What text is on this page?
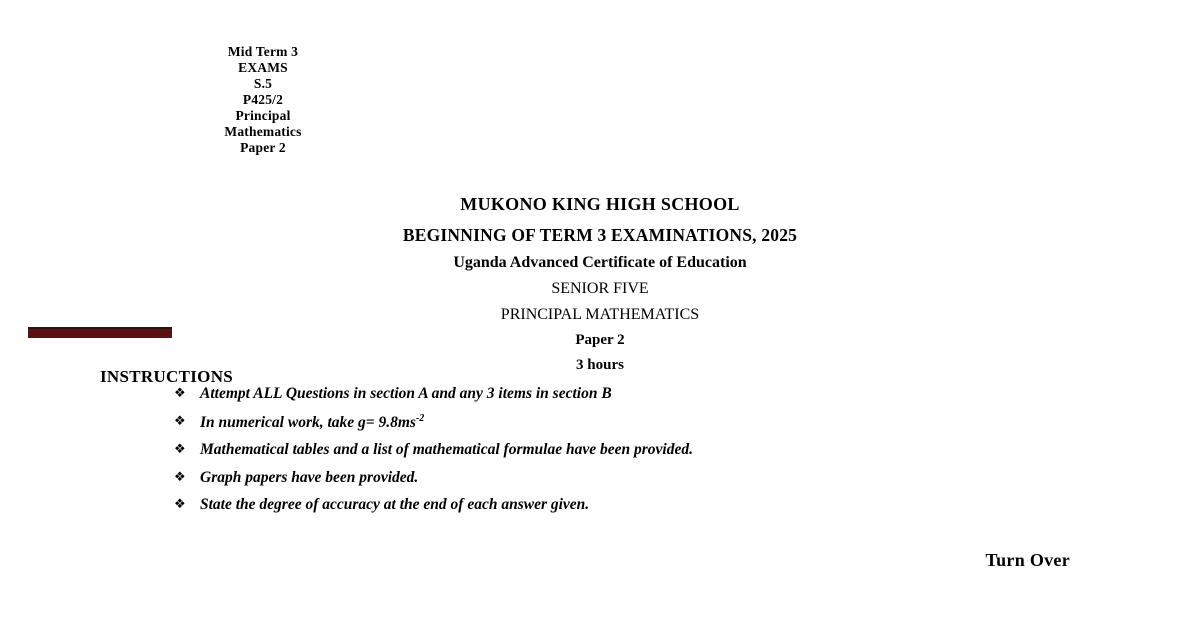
Mid Term 3
EXAMS
S.5
P425/2
Principal
Mathematics
Paper 2
MUKONO KING HIGH SCHOOL
BEGINNING OF TERM 3 EXAMINATIONS, 2025
Uganda Advanced Certificate of Education
SENIOR FIVE
PRINCIPAL MATHEMATICS
Paper 2
3 hours
INSTRUCTIONS
❖ Attempt ALL Questions in section A and any 3 items in section B
❖ In numerical work, take $g= 9.8ms^{-2}$
❖ Mathematical tables and a list of mathematical formulae have been provided.
❖ Graph papers have been provided.
❖ State the degree of accuracy at the end of each answer given.
Turn Over
